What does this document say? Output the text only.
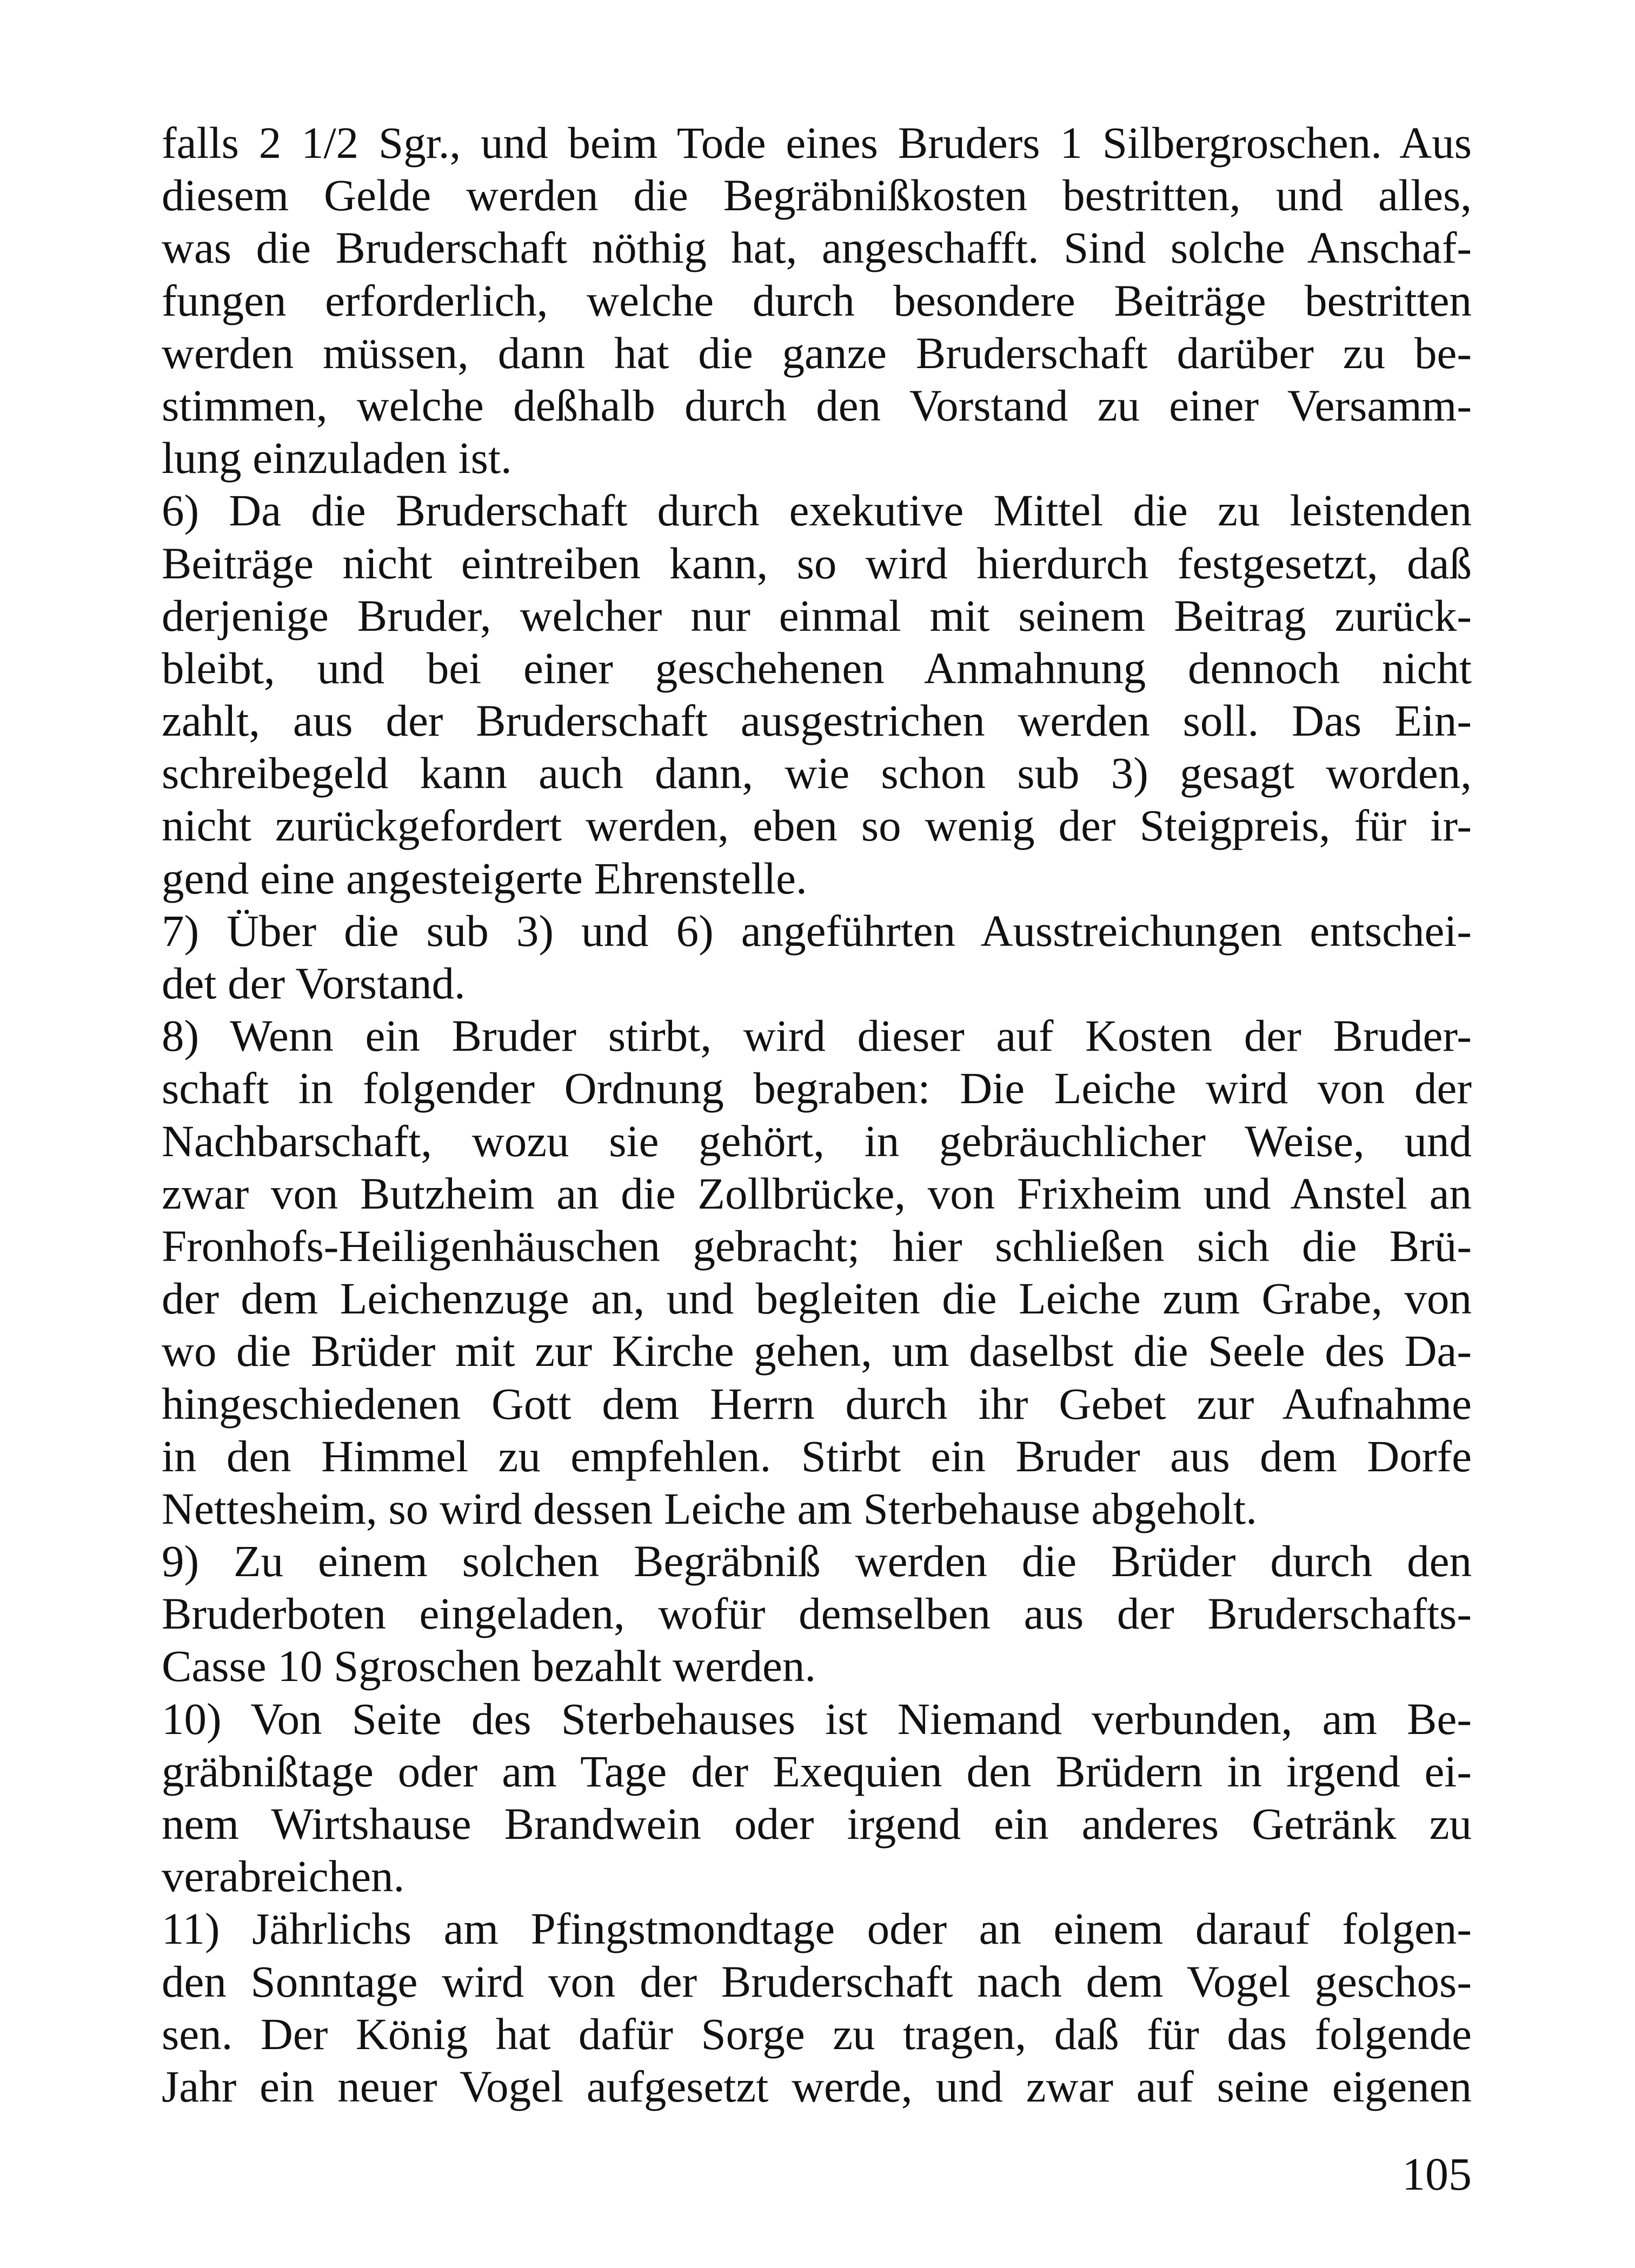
falls 2 1/2 Sgr., und beim Tode eines Bruders 1 Silbergroschen. Aus
diesem Gelde werden die Begräbnißkosten bestritten, und alles,
was die Bruderschaft nöthig hat, angeschafft. Sind solche Anschaf-
fungen erforderlich, welche durch besondere Beiträge bestritten
werden müssen, dann hat die ganze Bruderschaft darüber zu be-
stimmen, welche deßhalb durch den Vorstand zu einer Versamm-
lung einzuladen ist.
6) Da die Bruderschaft durch exekutive Mittel die zu leistenden
Beiträge nicht eintreiben kann, so wird hierdurch festgesetzt, daß
derjenige Bruder, welcher nur einmal mit seinem Beitrag zurück-
bleibt, und bei einer geschehenen Anmahnung dennoch nicht
zahlt, aus der Bruderschaft ausgestrichen werden soll. Das Ein-
schreibegeld kann auch dann, wie schon sub 3) gesagt worden,
nicht zurückgefordert werden, eben so wenig der Steigpreis, für ir-
gend eine angesteigerte Ehrenstelle.
7) Über die sub 3) und 6) angeführten Ausstreichungen entschei-
det der Vorstand.
8) Wenn ein Bruder stirbt, wird dieser auf Kosten der Bruder-
schaft in folgender Ordnung begraben: Die Leiche wird von der
Nachbarschaft, wozu sie gehört, in gebräuchlicher Weise, und
zwar von Butzheim an die Zollbrücke, von Frixheim und Anstel an
Fronhofs-Heiligenhäuschen gebracht; hier schließen sich die Brü-
der dem Leichenzuge an, und begleiten die Leiche zum Grabe, von
wo die Brüder mit zur Kirche gehen, um daselbst die Seele des Da-
hingeschiedenen Gott dem Herrn durch ihr Gebet zur Aufnahme
in den Himmel zu empfehlen. Stirbt ein Bruder aus dem Dorfe
Nettesheim, so wird dessen Leiche am Sterbehause abgeholt.
9) Zu einem solchen Begräbniß werden die Brüder durch den
Bruderboten eingeladen, wofür demselben aus der Bruderschafts-
Casse 10 Sgroschen bezahlt werden.
10) Von Seite des Sterbehauses ist Niemand verbunden, am Be-
gräbnißtage oder am Tage der Exequien den Brüdern in irgend ei-
nem Wirtshause Brandwein oder irgend ein anderes Getränk zu
verabreichen.
11) Jährlichs am Pfingstmondtage oder an einem darauf folgen-
den Sonntage wird von der Bruderschaft nach dem Vogel geschos-
sen. Der König hat dafür Sorge zu tragen, daß für das folgende
Jahr ein neuer Vogel aufgesetzt werde, und zwar auf seine eigenen
105
